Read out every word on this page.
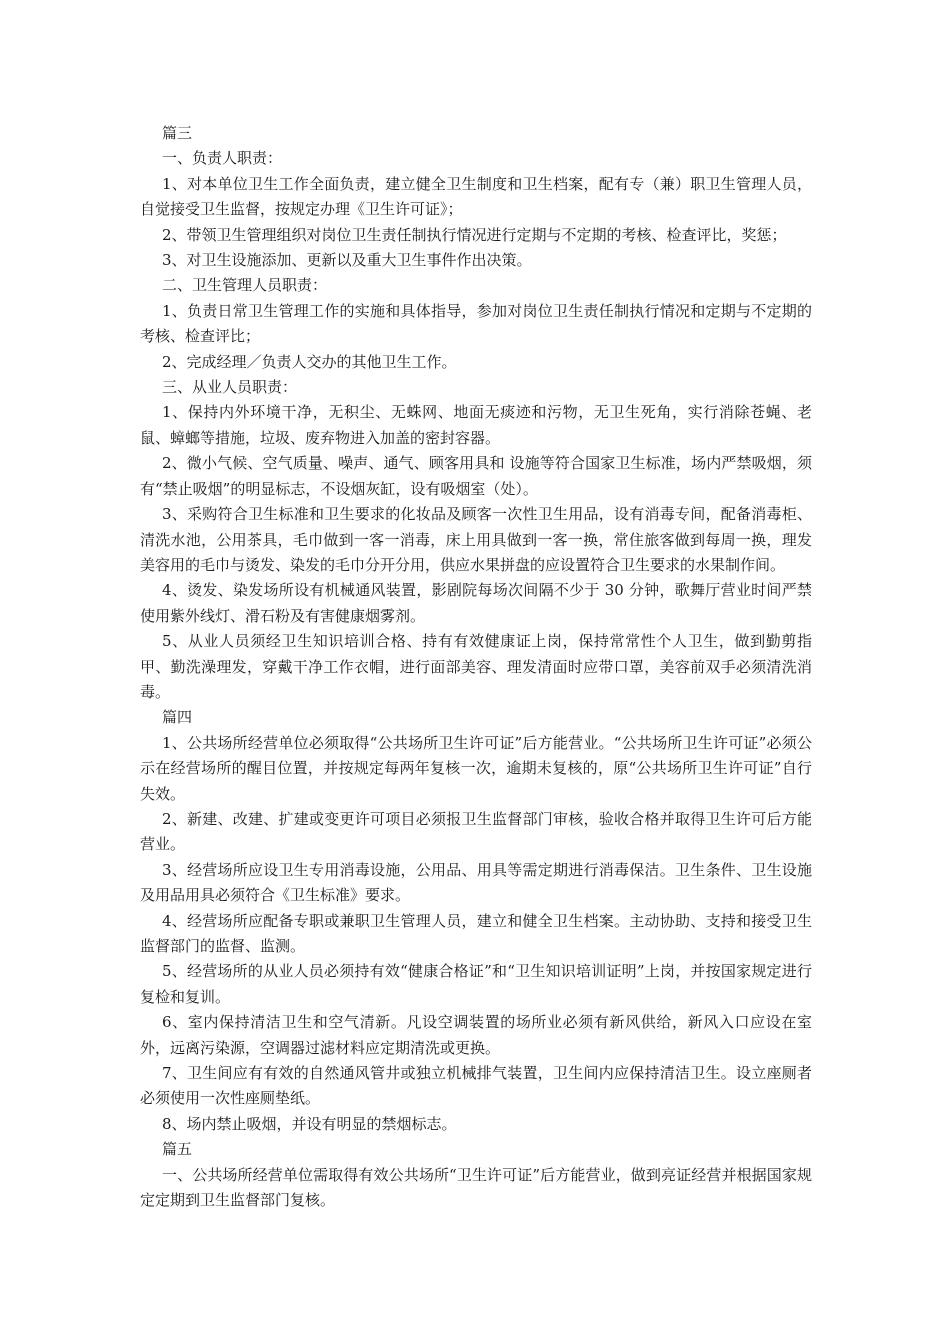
篇三

一、负责人职责：

1、对本单位卫生工作全面负责，建立健全卫生制度和卫生档案，配有专（兼）职卫生管理人员，自觉接受卫生监督，按规定办理《卫生许可证》；

2、带领卫生管理组织对岗位卫生责任制执行情况进行定期与不定期的考核、检查评比，奖惩；

3、对卫生设施添加、更新以及重大卫生事件作出决策。

二、卫生管理人员职责：

1、负责日常卫生管理工作的实施和具体指导，参加对岗位卫生责任制执行情况和定期与不定期的考核、检查评比；

2、完成经理／负责人交办的其他卫生工作。

三、从业人员职责：

1、保持内外环境干净，无积尘、无蛛网、地面无痰迹和污物，无卫生死角，实行消除苍蝇、老鼠、蟑螂等措施，垃圾、废弃物进入加盖的密封容器。

2、微小气候、空气质量、噪声、通气、顾客用具和 设施等符合国家卫生标准，场内严禁吸烟，须有“禁止吸烟”的明显标志，不设烟灰缸，设有吸烟室（处）。

3、采购符合卫生标准和卫生要求的化妆品及顾客一次性卫生用品，设有消毒专间，配备消毒柜、清洗水池，公用茶具，毛巾做到一客一消毒，床上用具做到一客一换，常住旅客做到每周一换，理发美容用的毛巾与烫发、染发的毛巾分开分用，供应水果拼盘的应设置符合卫生要求的水果制作间。

4、烫发、染发场所设有机械通风装置，影剧院每场次间隔不少于 30 分钟，歌舞厅营业时间严禁使用紫外线灯、滑石粉及有害健康烟雾剂。

5、从业人员须经卫生知识培训合格、持有有效健康证上岗，保持常常性个人卫生，做到勤剪指甲、勤洗澡理发，穿戴干净工作衣帽，进行面部美容、理发清面时应带口罩，美容前双手必须清洗消毒。

篇四

1、公共场所经营单位必须取得“公共场所卫生许可证”后方能营业。“公共场所卫生许可证”必须公示在经营场所的醒目位置，并按规定每两年复核一次，逾期未复核的，原“公共场所卫生许可证”自行失效。

2、新建、改建、扩建或变更许可项目必须报卫生监督部门审核，验收合格并取得卫生许可后方能营业。

3、经营场所应设卫生专用消毒设施，公用品、用具等需定期进行消毒保洁。卫生条件、卫生设施及用品用具必须符合《卫生标准》要求。

4、经营场所应配备专职或兼职卫生管理人员，建立和健全卫生档案。主动协助、支持和接受卫生监督部门的监督、监测。

5、经营场所的从业人员必须持有效“健康合格证”和“卫生知识培训证明”上岗，并按国家规定进行复检和复训。

6、室内保持清洁卫生和空气清新。凡设空调装置的场所业必须有新风供给，新风入口应设在室外，远离污染源，空调器过滤材料应定期清洗或更换。

7、卫生间应有有效的自然通风管井或独立机械排气装置，卫生间内应保持清洁卫生。设立座厕者必须使用一次性座厕垫纸。

8、场内禁止吸烟，并设有明显的禁烟标志。

篇五

一、公共场所经营单位需取得有效公共场所“卫生许可证”后方能营业，做到亮证经营并根据国家规定定期到卫生监督部门复核。
